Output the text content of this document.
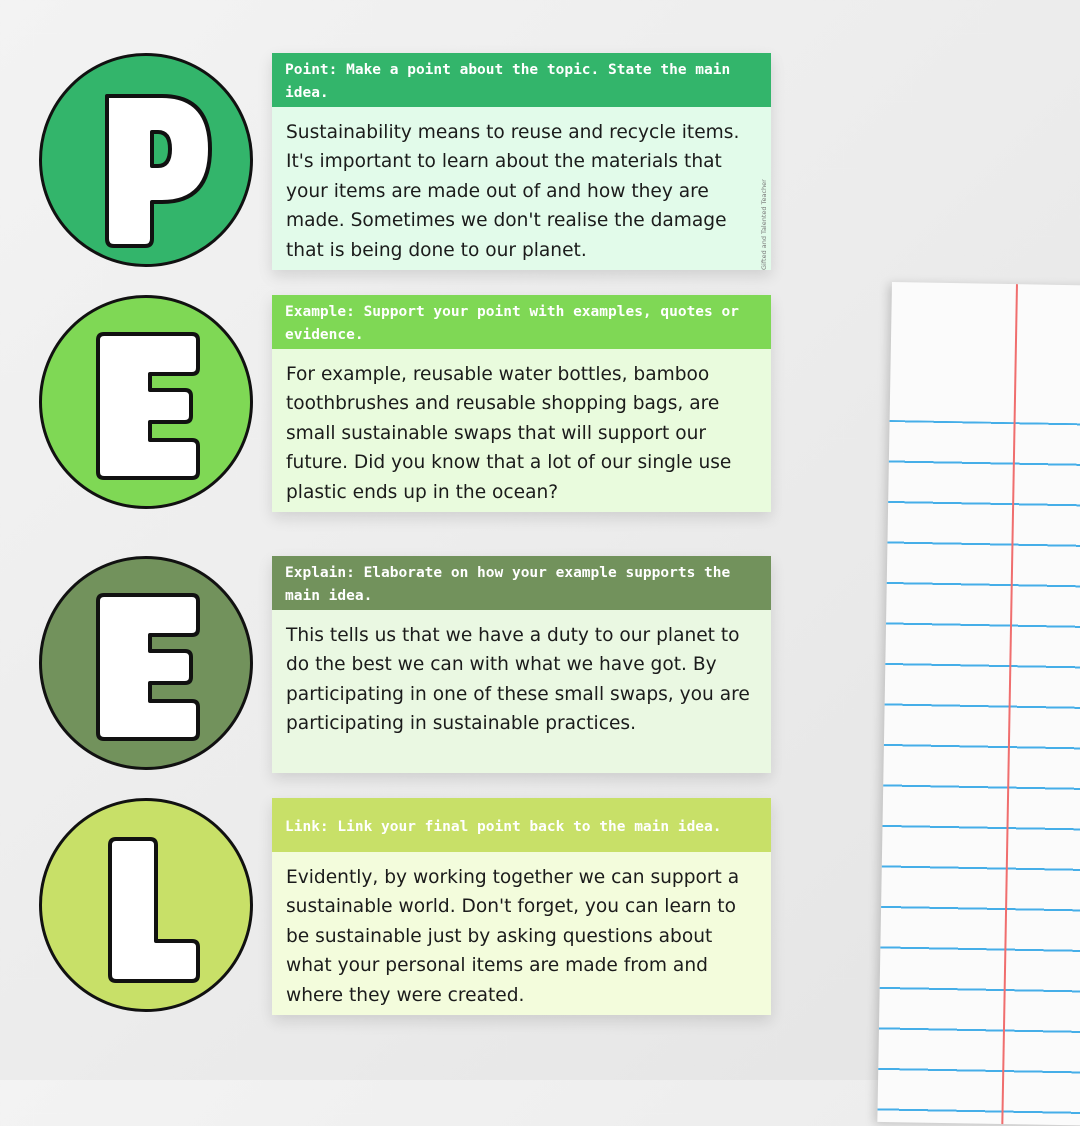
Point: Make a point about the topic. State the main idea.
Sustainability means to reuse and recycle items. It's important to learn about the materials that your items are made out of and how they are made. Sometimes we don't realise the damage that is being done to our planet.	Gifted and Talented Teacher
Example: Support your point with examples, quotes or evidence.
For example, reusable water bottles, bamboo toothbrushes and reusable shopping bags, are small sustainable swaps that will support our future. Did you know that a lot of our single use plastic ends up in the ocean?
Explain: Elaborate on how your example supports the main idea.
This tells us that we have a duty to our planet to do the best we can with what we have got. By participating in one of these small swaps, you are participating in sustainable practices.
Link: Link your final point back to the main idea.
Evidently, by working together we can support a sustainable world. Don't forget, you can learn to be sustainable just by asking questions about what your personal items are made from and where they were created.
